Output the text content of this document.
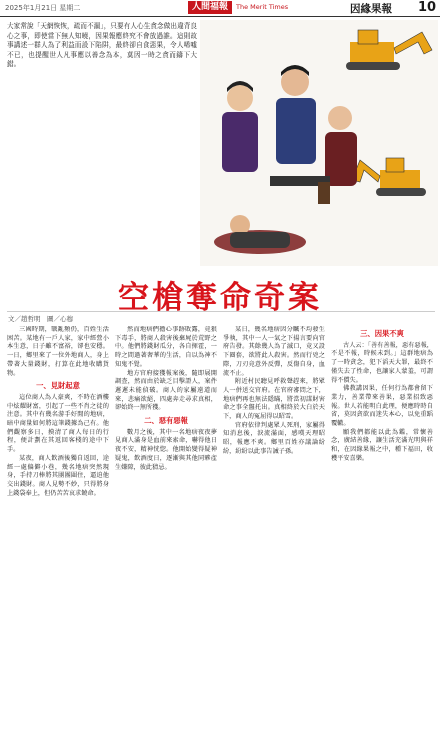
2025年1月21日 星期二	人間福報	The Merit Times	因緣果報 10
大家常說「天網恢恢，疏而不漏」，只要有人心生貪念做出違背良心之事，即使當下無人知曉，因果報應終究不會放過誰。這則故事講述一群人為了利益而設下陷阱，最終卻自食惡果，令人唏噓不已，也提醒世人凡事應以善念為本，莫因一時之貪而鑄下大錯。
空槍奪命奇案
文／趙哲明　圖／心穆

三國時期，戰亂頻仍，百姓生活困苦。某地有一戶人家，家中經營小本生意，日子雖不富裕，卻也安穩。一日，鄉里來了一位外地商人，身上帶著大量錢財，打算在此地收購貨物。

一、見財起意

這位商人為人豪爽，不時在酒樓中炫耀財富，引起了一些不肖之徒的注意。其中有幾名游手好閒的地痞，暗中商量如何將這筆錢據為己有。他們觀察多日，摸清了商人每日的行程，便計劃在其返回客棧的途中下手。

某夜，商人飲酒後獨自返回，途經一處偏僻小巷，幾名地痞突然現身，手持刀棒將其團團圍住，逼迫他交出錢財。商人見勢不妙，只得將身上錢袋奉上，但仍苦苦哀求饒命。

然而地痞們擔心事跡敗露，竟狠下毒手，將商人殺害後棄屍於荒野之中。他們將錢財瓜分，各自揮霍，一時之間過著奢華的生活，自以為神不知鬼不覺。

地方官府接獲報案後，隨即展開調查，然而由於缺乏目擊證人，案件遲遲未能偵破。商人的家屬遠道而來，悲痛欲絕，四處奔走尋求真相，卻始終一無所獲。

二、惡有惡報

數月之後，其中一名地痞夜夜夢見商人滿身是血前來索命，嚇得他日夜不安，精神恍惚。他開始變得疑神疑鬼，飲酒度日，逐漸與其他同夥產生嫌隙，彼此猜忌。

某日，幾名地痞因分贓不均發生爭執，其中一人一氣之下揚言要向官府告發。其餘幾人為了滅口，竟又設下圈套，欲將此人殺害。然而行兇之際，刀刃竟意外反彈，反傷自身，血流不止。

附近村民聽見呼救聲趕來，將眾人一併送交官府。在官府審問之下，地痞們再也無法隱瞞，將當初謀財害命之事全盤托出。真相終於大白於天下，商人的冤屈得以昭雪。

官府依律判處眾人死刑，家屬得知消息後，淚流滿面，感嘆天理昭昭，報應不爽。鄉里百姓亦議論紛紛，紛紛以此事告誡子孫。

三、因果不爽

古人云：「善有善報，惡有惡報，不是不報，時候未到。」這群地痞為了一時貪念，犯下滔天大罪，最終不僅失去了性命，也讓家人蒙羞，可謂得不償失。

佛教講因果，任何行為都會留下業力，善業帶來善果，惡業招致惡報。世人若能明白此理，便應時時自省，莫因貪欲而迷失本心，以免重蹈覆轍。

願我們都能以此為鑑，常懷善念，廣結善緣，讓生活充滿光明與祥和，在因緣果報之中，種下福田，收穫平安喜樂。
